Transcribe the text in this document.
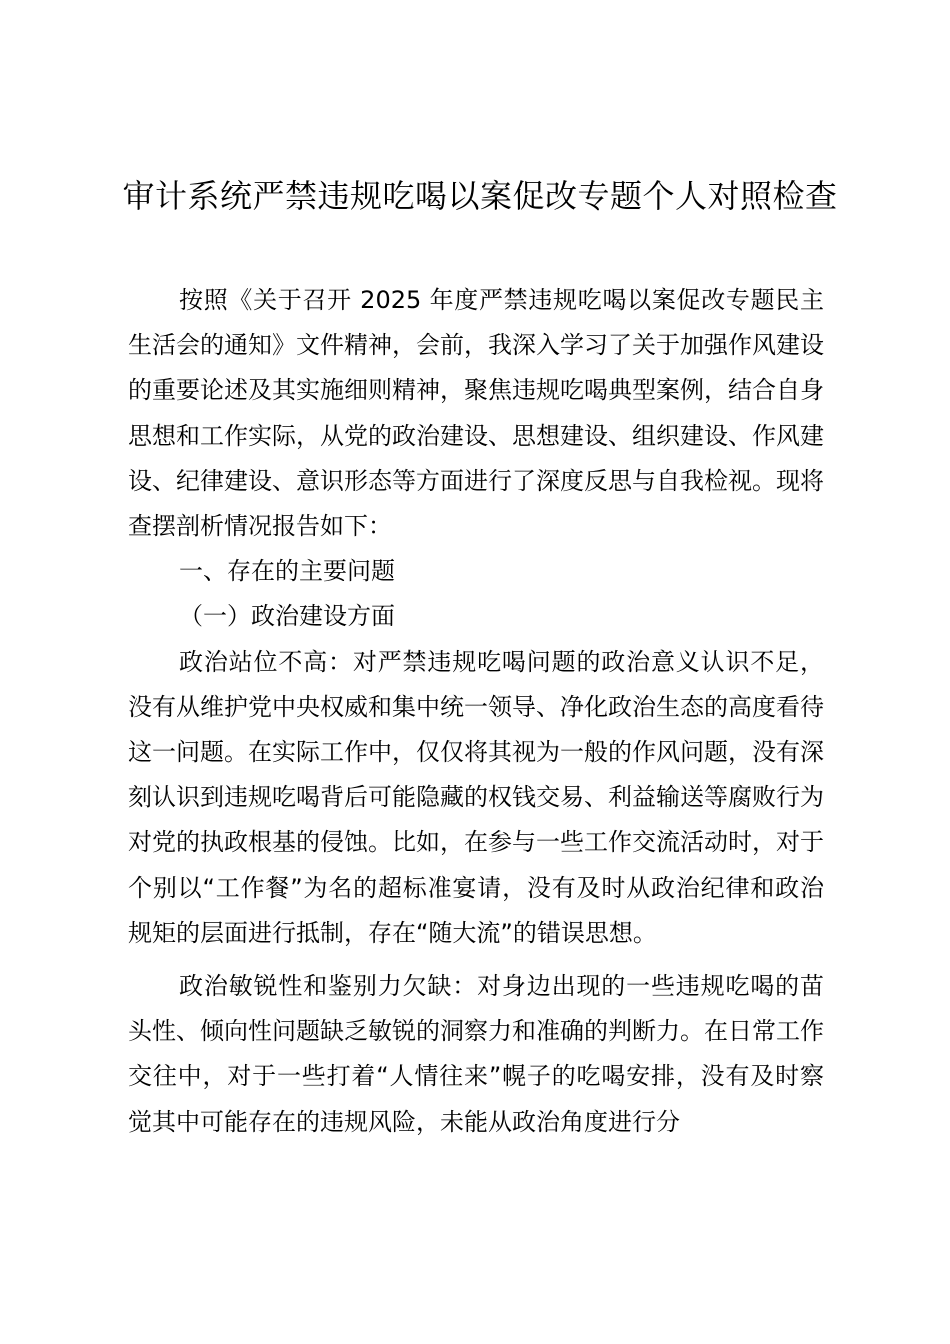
审计系统严禁违规吃喝以案促改专题个人对照检查

按照《关于召开 2025 年度严禁违规吃喝以案促改专题民主生活会的通知》文件精神，会前，我深入学习了关于加强作风建设的重要论述及其实施细则精神，聚焦违规吃喝典型案例，结合自身思想和工作实际，从党的政治建设、思想建设、组织建设、作风建设、纪律建设、意识形态等方面进行了深度反思与自我检视。现将查摆剖析情况报告如下：

一、存在的主要问题

（一）政治建设方面

政治站位不高：对严禁违规吃喝问题的政治意义认识不足，没有从维护党中央权威和集中统一领导、净化政治生态的高度看待这一问题。在实际工作中，仅仅将其视为一般的作风问题，没有深刻认识到违规吃喝背后可能隐藏的权钱交易、利益输送等腐败行为对党的执政根基的侵蚀。比如，在参与一些工作交流活动时，对于个别以“工作餐”为名的超标准宴请，没有及时从政治纪律和政治规矩的层面进行抵制，存在“随大流”的错误思想。

政治敏锐性和鉴别力欠缺：对身边出现的一些违规吃喝的苗头性、倾向性问题缺乏敏锐的洞察力和准确的判断力。在日常工作交往中，对于一些打着“人情往来”幌子的吃喝安排，没有及时察觉其中可能存在的违规风险，未能从政治角度进行分
